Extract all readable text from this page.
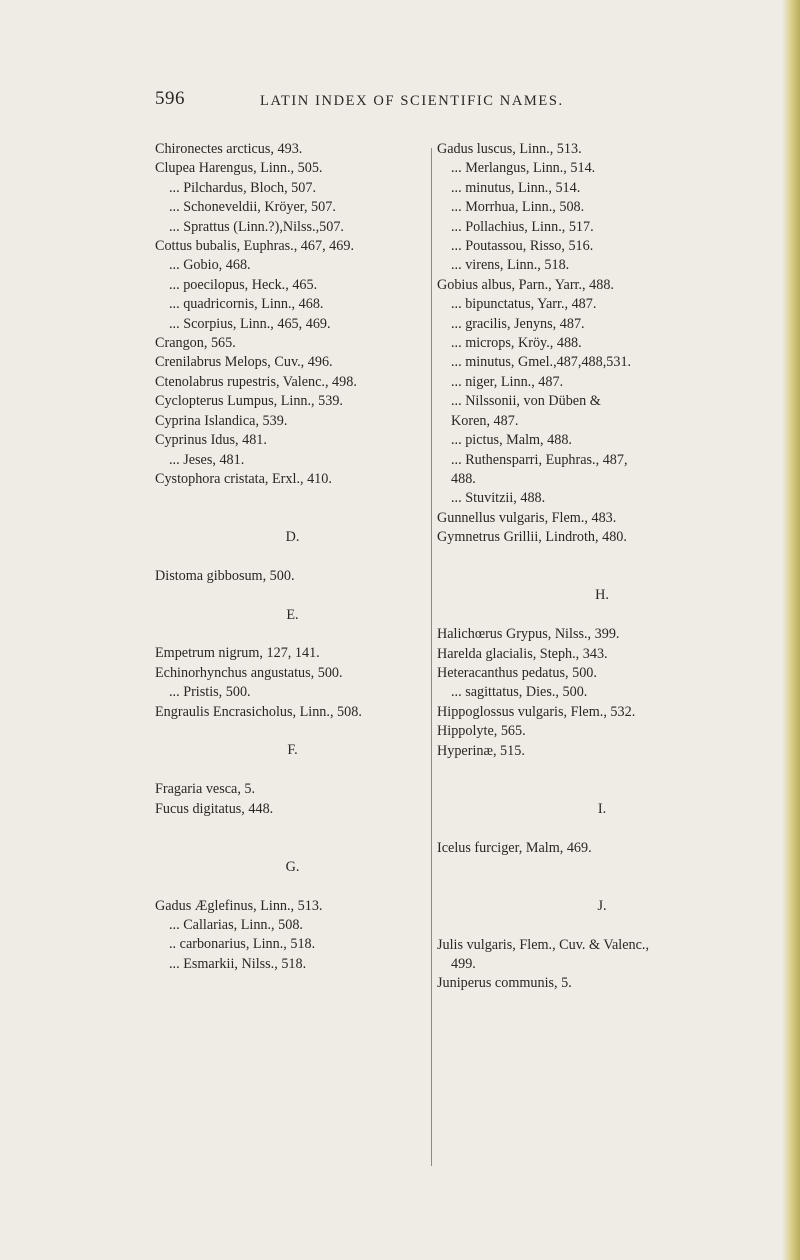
596	LATIN INDEX OF SCIENTIFIC NAMES.
Chironectes arcticus, 493.
Clupea Harengus, Linn., 505.
... Pilchardus, Bloch, 507.
... Schoneveldii, Kröyer, 507.
... Sprattus (Linn.?),Nilss.,507.
Cottus bubalis, Euphras., 467, 469.
... Gobio, 468.
... poecilopus, Heck., 465.
... quadricornis, Linn., 468.
... Scorpius, Linn., 465, 469.
Crangon, 565.
Crenilabrus Melops, Cuv., 496.
Ctenolabrus rupestris, Valenc., 498.
Cyclopterus Lumpus, Linn., 539.
Cyprina Islandica, 539.
Cyprinus Idus, 481.
... Jeses, 481.
Cystophora cristata, Erxl., 410.
D.
Distoma gibbosum, 500.
E.
Empetrum nigrum, 127, 141.
Echinorhynchus angustatus, 500.
... Pristis, 500.
Engraulis Encrasicholus, Linn., 508.
F.
Fragaria vesca, 5.
Fucus digitatus, 448.
G.
Gadus Æglefinus, Linn., 513.
... Callarias, Linn., 508.
.. carbonarius, Linn., 518.
... Esmarkii, Nilss., 518.
Gadus luscus, Linn., 513.
... Merlangus, Linn., 514.
... minutus, Linn., 514.
... Morrhua, Linn., 508.
... Pollachius, Linn., 517.
... Poutassou, Risso, 516.
... virens, Linn., 518.
Gobius albus, Parn., Yarr., 488.
... bipunctatus, Yarr., 487.
... gracilis, Jenyns, 487.
... microps, Kröy., 488.
... minutus, Gmel.,487,488,531.
... niger, Linn., 487.
... Nilssonii, von Düben &
Koren, 487.
... pictus, Malm, 488.
... Ruthensparri, Euphras., 487,
488.
... Stuvitzii, 488.
Gunnellus vulgaris, Flem., 483.
Gymnetrus Grillii, Lindroth, 480.
H.
Halichœrus Grypus, Nilss., 399.
Harelda glacialis, Steph., 343.
Heteracanthus pedatus, 500.
... sagittatus, Dies., 500.
Hippoglossus vulgaris, Flem., 532.
Hippolyte, 565.
Hyperinæ, 515.
I.
Icelus furciger, Malm, 469.
J.
Julis vulgaris, Flem., Cuv. & Valenc.,
499.
Juniperus communis, 5.
